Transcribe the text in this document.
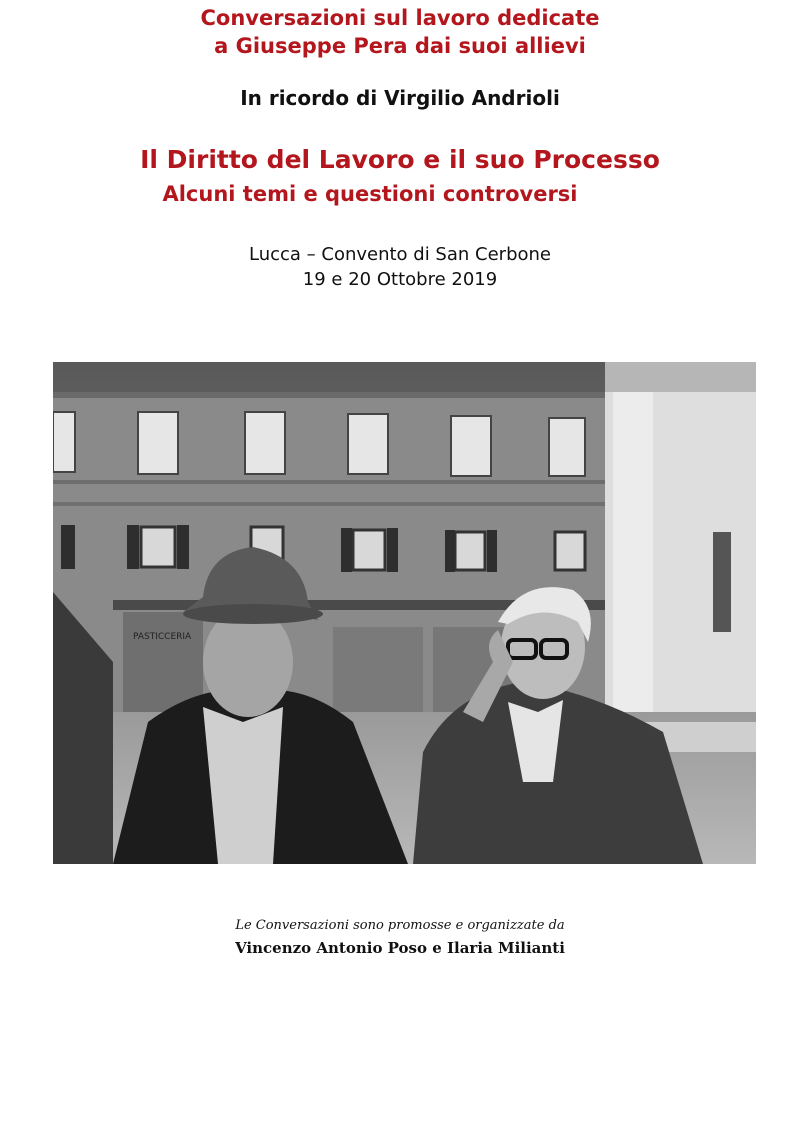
Conversazioni sul lavoro dedicate
a Giuseppe Pera dai suoi allievi
In ricordo di Virgilio Andrioli
Il Diritto del Lavoro e il suo Processo
Alcuni temi e questioni controversi
Lucca – Convento di San Cerbone
19 e 20 Ottobre 2019
PASTICCERIA
Le Conversazioni sono promosse e organizzate da
Vincenzo Antonio Poso e Ilaria Milianti
